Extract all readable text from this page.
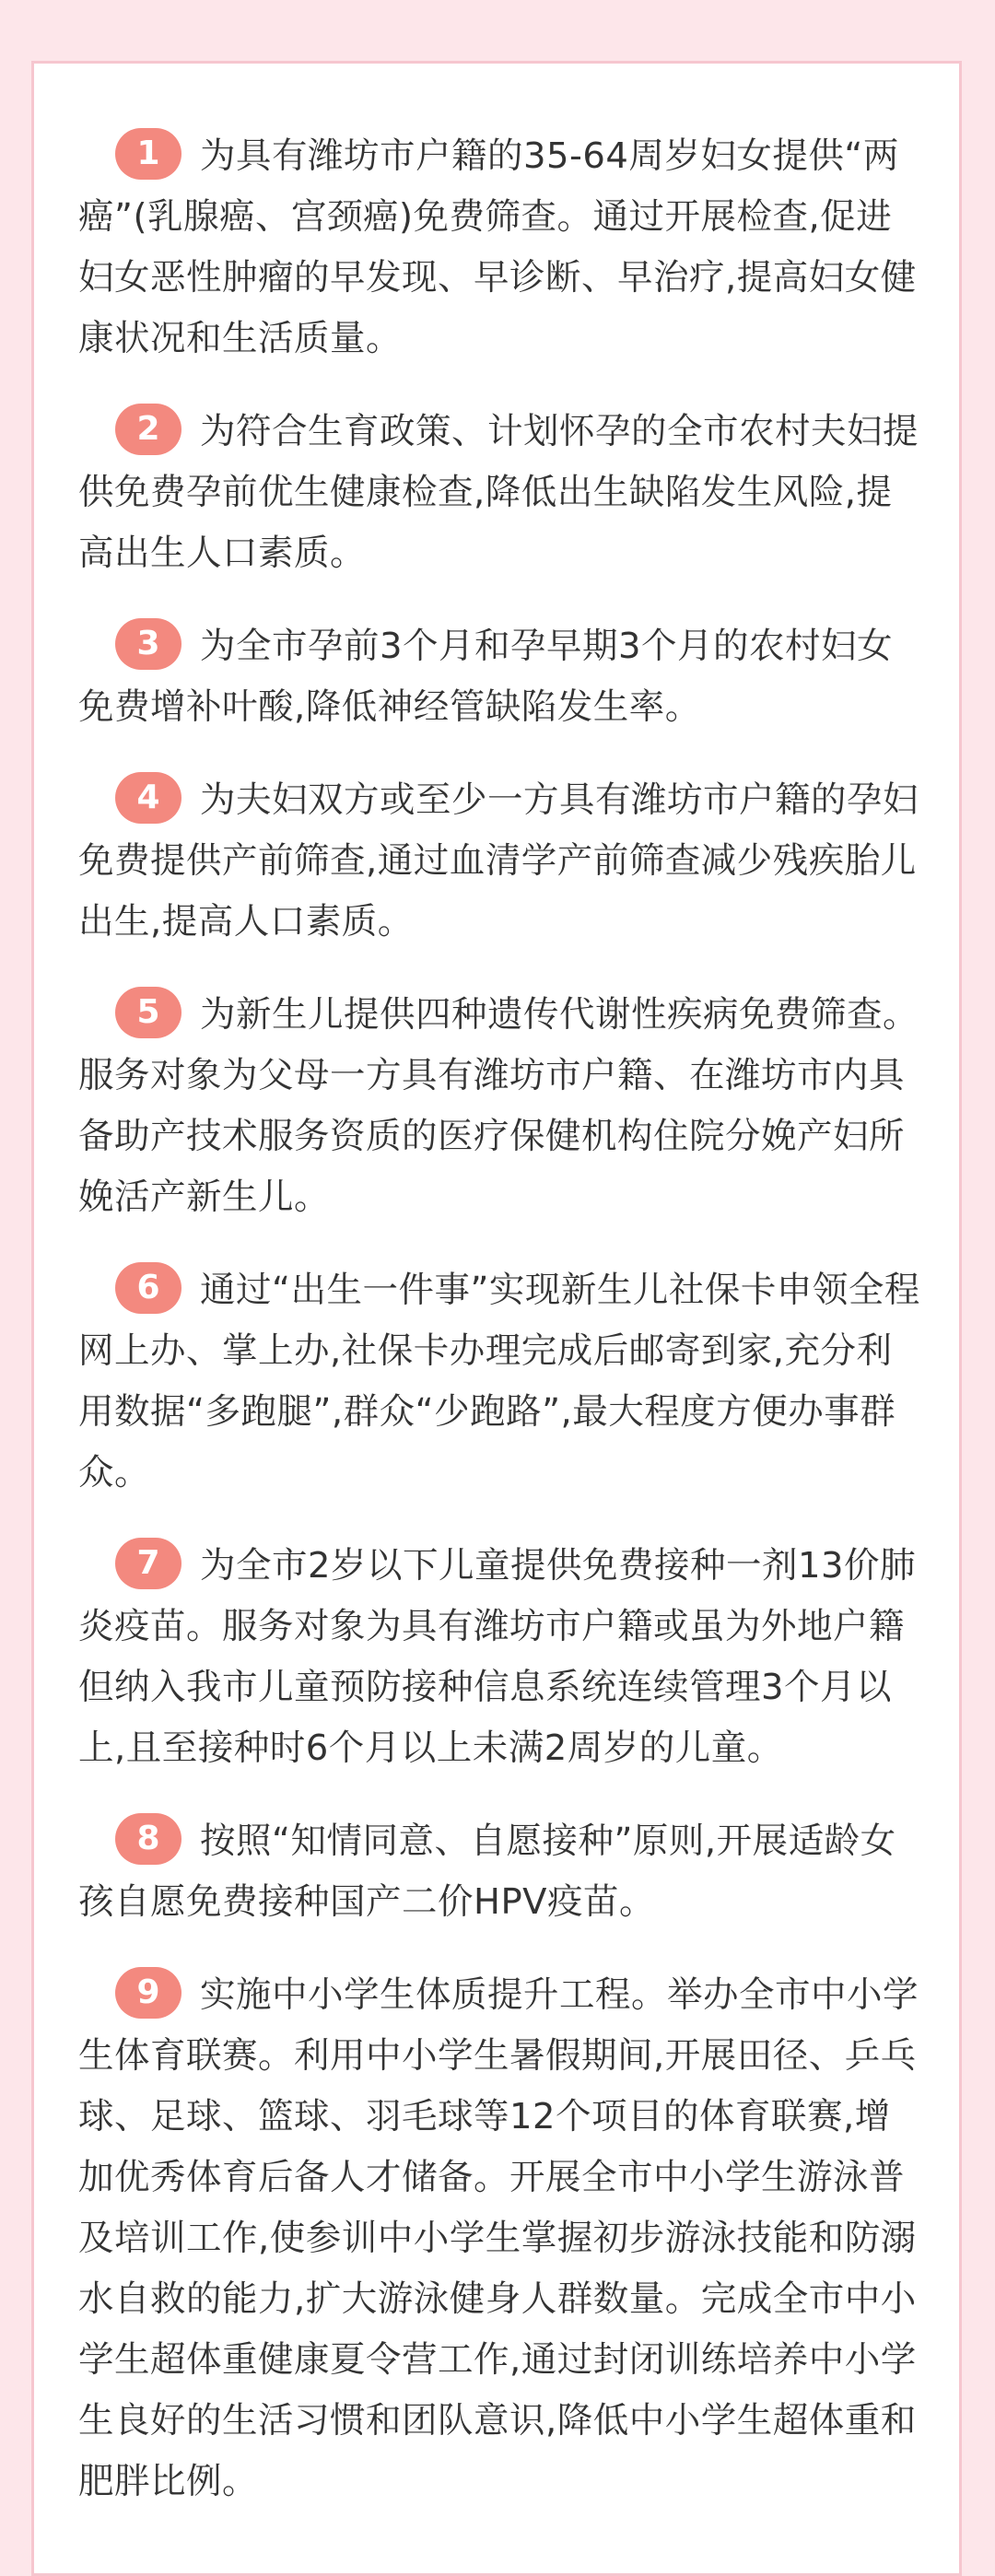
1 为具有潍坊市户籍的35-64周岁妇女提供“两癌”(乳腺癌、宫颈癌)免费筛查。通过开展检查,促进妇女恶性肿瘤的早发现、早诊断、早治疗,提高妇女健康状况和生活质量。
2 为符合生育政策、计划怀孕的全市农村夫妇提供免费孕前优生健康检查,降低出生缺陷发生风险,提高出生人口素质。
3 为全市孕前3个月和孕早期3个月的农村妇女免费增补叶酸,降低神经管缺陷发生率。
4 为夫妇双方或至少一方具有潍坊市户籍的孕妇免费提供产前筛查,通过血清学产前筛查减少残疾胎儿出生,提高人口素质。
5 为新生儿提供四种遗传代谢性疾病免费筛查。服务对象为父母一方具有潍坊市户籍、在潍坊市内具备助产技术服务资质的医疗保健机构住院分娩产妇所娩活产新生儿。
6 通过“出生一件事”实现新生儿社保卡申领全程网上办、掌上办,社保卡办理完成后邮寄到家,充分利用数据“多跑腿”,群众“少跑路”,最大程度方便办事群众。
7 为全市2岁以下儿童提供免费接种一剂13价肺炎疫苗。服务对象为具有潍坊市户籍或虽为外地户籍但纳入我市儿童预防接种信息系统连续管理3个月以上,且至接种时6个月以上未满2周岁的儿童。
8 按照“知情同意、自愿接种”原则,开展适龄女孩自愿免费接种国产二价HPV疫苗。
9 实施中小学生体质提升工程。举办全市中小学生体育联赛。利用中小学生暑假期间,开展田径、乒乓球、足球、篮球、羽毛球等12个项目的体育联赛,增加优秀体育后备人才储备。开展全市中小学生游泳普及培训工作,使参训中小学生掌握初步游泳技能和防溺水自救的能力,扩大游泳健身人群数量。完成全市中小学生超体重健康夏令营工作,通过封闭训练培养中小学生良好的生活习惯和团队意识,降低中小学生超体重和肥胖比例。
